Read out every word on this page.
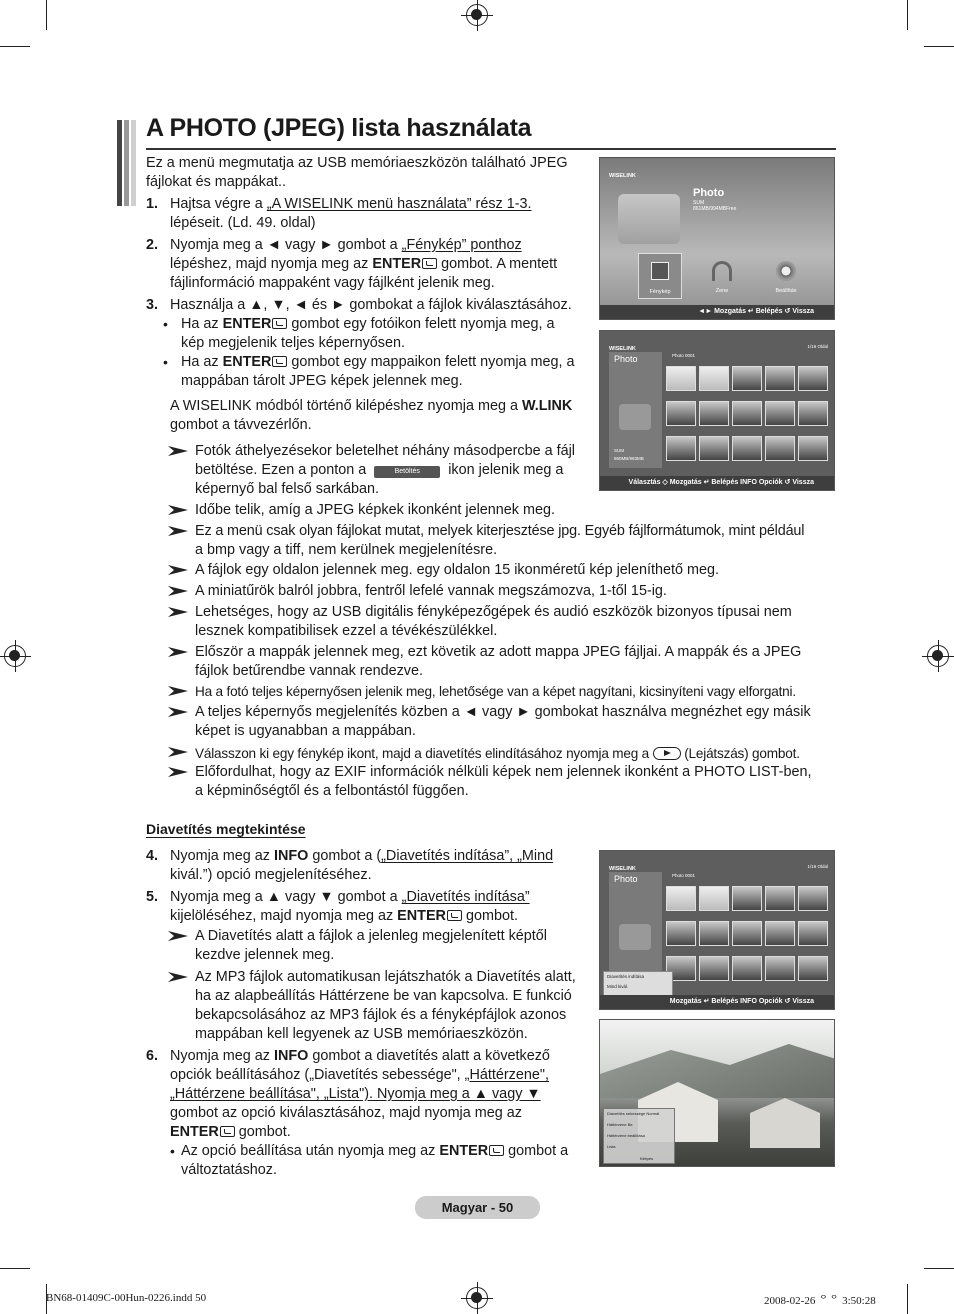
A PHOTO (JPEG) lista használata
Ez a menü megmutatja az USB memóriaeszközön található JPEG fájlokat és mappákat..
1. Hajtsa végre a „A WISELINK menü használata” rész 1-3.
lépéseit. (Ld. 49. oldal)
2. Nyomja meg a ◄ vagy ► gombot a „Fénykép” ponthoz
lépéshez, majd nyomja meg az ENTER gombot. A mentett
fájlinformáció mappaként vagy fájlként jelenik meg.
3. Használja a ▲, ▼, ◄ és ► gombokat a fájlok kiválasztásához.
• Ha az ENTER gombot egy fotóikon felett nyomja meg, a
kép megjelenik teljes képernyősen.
• Ha az ENTER gombot egy mappaikon felett nyomja meg, a
mappában tárolt JPEG képek jelennek meg.
A WISELINK módból történő kilépéshez nyomja meg a W.LINK
gombot a távvezérlőn.
Fotók áthelyezésekor beletelhet néhány másodpercbe a fájl
betöltése. Ezen a ponton a	Betöltés ikon jelenik meg a
képernyő bal felső sarkában.
Időbe telik, amíg a JPEG képkek ikonként jelennek meg.
Ez a menü csak olyan fájlokat mutat, melyek kiterjesztése jpg. Egyéb fájlformátumok, mint például
a bmp vagy a tiff, nem kerülnek megjelenítésre.
A fájlok egy oldalon jelennek meg. egy oldalon 15 ikonméretű kép jeleníthető meg.
A miniatűrök balról jobbra, fentről lefelé vannak megszámozva, 1-től 15-ig.
Lehetséges, hogy az USB digitális fényképezőgépek és audió eszközök bizonyos típusai nem
lesznek kompatibilisek ezzel a tévékészülékkel.
Először a mappák jelennek meg, ezt követik az adott mappa JPEG fájljai. A mappák és a JPEG
fájlok betűrendbe vannak rendezve.
Ha a fotó teljes képernyősen jelenik meg, lehetősége van a képet nagyítani, kicsinyíteni vagy elforgatni.
A teljes képernyős megjelenítés közben a ◄ vagy ► gombokat használva megnézhet egy másik
képet is ugyanabban a mappában.
Válasszon ki egy fénykép ikont, majd a diavetítés elindításához nyomja meg a	(Lejátszás) gombot.
Előfordulhat, hogy az EXIF információk nélküli képek nem jelennek ikonként a PHOTO LIST-ben,
a képminőségtől és a felbontástól függően.
Diavetítés megtekintése
4. Nyomja meg az INFO gombot a („Diavetítés indítása”, „Mind
kivál.”) opció megjelenítéséhez.
5. Nyomja meg a ▲ vagy ▼ gombot a „Diavetítés indítása”
kijelöléséhez, majd nyomja meg az ENTER gombot.
A Diavetítés alatt a fájlok a jelenleg megjelenített képtől
kezdve jelennek meg.
Az MP3 fájlok automatikusan lejátszhatók a Diavetítés alatt,
ha az alapbeállítás Háttérzene be van kapcsolva. E funkció
bekapcsolásához az MP3 fájlok és a fényképfájlok azonos
mappában kell legyenek az USB memóriaeszközön.
6. Nyomja meg az INFO gombot a diavetítés alatt a következő
opciók beállításához („Diavetítés sebessége", „Háttérzene",
„Háttérzene beállítása", „Lista"). Nyomja meg a ▲ vagy ▼
gombot az opció kiválasztásához, majd nyomja meg az
ENTER gombot.
• Az opció beállítása után nyomja meg az ENTER gombot a
változtatáshoz.
WISELINK
Photo
SUM
861MB/994MBFree
Fénykép	Zene	Beállítás
◄► Mozgatás ↵ Belépés ↺ Vissza
WISELINK	1/16 Oldal
Photo
SUM
860MB/993MB
Photo 0001
Választás ◇ Mozgatás ↵ Belépés INFO Opciók ↺ Vissza
WISELINK	1/16 Oldal
Photo	Photo 0001
Diavetítés indítása
Mind kivál.
Mozgatás ↵ Belépés INFO Opciók ↺ Vissza
Diavetítés sebessége Normál
Háttérzene Be
Háttérzene beállítása
Lista
Kilépés
Magyar - 50
BN68-01409C-00Hun-0226.indd 50	2008-02-26 ᄋᄋ 3:50:28
